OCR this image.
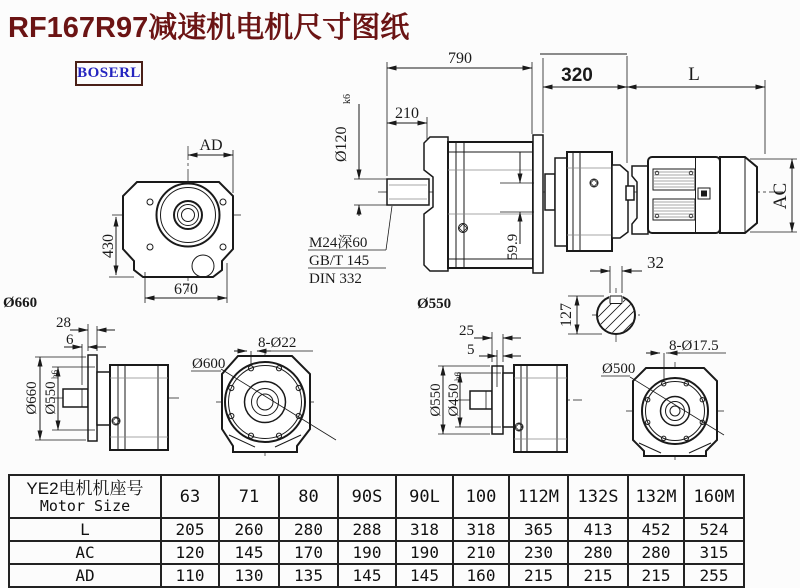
RF167R97减速机电机尺寸图纸
BOSERL
AD
430
670
Ø660
790
210
Ø120
k6
M24深60
GB/T 145
DIN 332
59.9
320	L
AC
Ø550
32
127
28
6
Ø660 Ø550
h6
Ø600
8-Ø22
25
5
Ø550 Ø450
h6	Ø500
8-Ø17.5
YE2电机机座号
Motor Size	63	71	80	90S	90L	100	112M	132S	132M	160M
L	205	260	280	288	318	318	365	413	452	524
AC	120	145	170	190	190	210	230	280	280	315
AD	110	130	135	145	145	160	215	215	215	255
